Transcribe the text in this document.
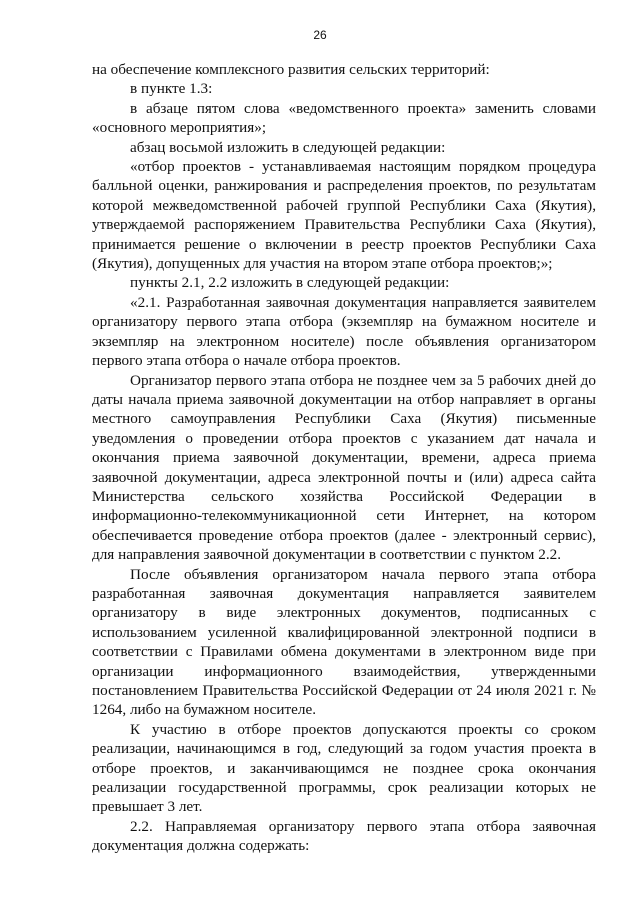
26

на обеспечение комплексного развития сельских территорий:

в пункте 1.3:

в абзаце пятом слова «ведомственного проекта» заменить словами «основного мероприятия»;

абзац восьмой изложить в следующей редакции:

«отбор проектов - устанавливаемая настоящим порядком процедура балльной оценки, ранжирования и распределения проектов, по результатам которой межведомственной рабочей группой Республики Саха (Якутия), утверждаемой распоряжением Правительства Республики Саха (Якутия), принимается решение о включении в реестр проектов Республики Саха (Якутия), допущенных для участия на втором этапе отбора проектов;»;

пункты 2.1, 2.2 изложить в следующей редакции:

«2.1. Разработанная заявочная документация направляется заявителем организатору первого этапа отбора (экземпляр на бумажном носителе и экземпляр на электронном носителе) после объявления организатором первого этапа отбора о начале отбора проектов.

Организатор первого этапа отбора не позднее чем за 5 рабочих дней до даты начала приема заявочной документации на отбор направляет в органы местного самоуправления Республики Саха (Якутия) письменные уведомления о проведении отбора проектов с указанием дат начала и окончания приема заявочной документации, времени, адреса приема заявочной документации, адреса электронной почты и (или) адреса сайта Министерства сельского хозяйства Российской Федерации в информационно-телекоммуникационной сети Интернет, на котором обеспечивается проведение отбора проектов (далее - электронный сервис), для направления заявочной документации в соответствии с пунктом 2.2.

После объявления организатором начала первого этапа отбора разработанная заявочная документация направляется заявителем организатору в виде электронных документов, подписанных с использованием усиленной квалифицированной электронной подписи в соответствии с Правилами обмена документами в электронном виде при организации информационного взаимодействия, утвержденными постановлением Правительства Российской Федерации от 24 июля 2021 г. № 1264, либо на бумажном носителе.

К участию в отборе проектов допускаются проекты со сроком реализации, начинающимся в год, следующий за годом участия проекта в отборе проектов, и заканчивающимся не позднее срока окончания реализации государственной программы, срок реализации которых не превышает 3 лет.

2.2. Направляемая организатору первого этапа отбора заявочная документация должна содержать:
